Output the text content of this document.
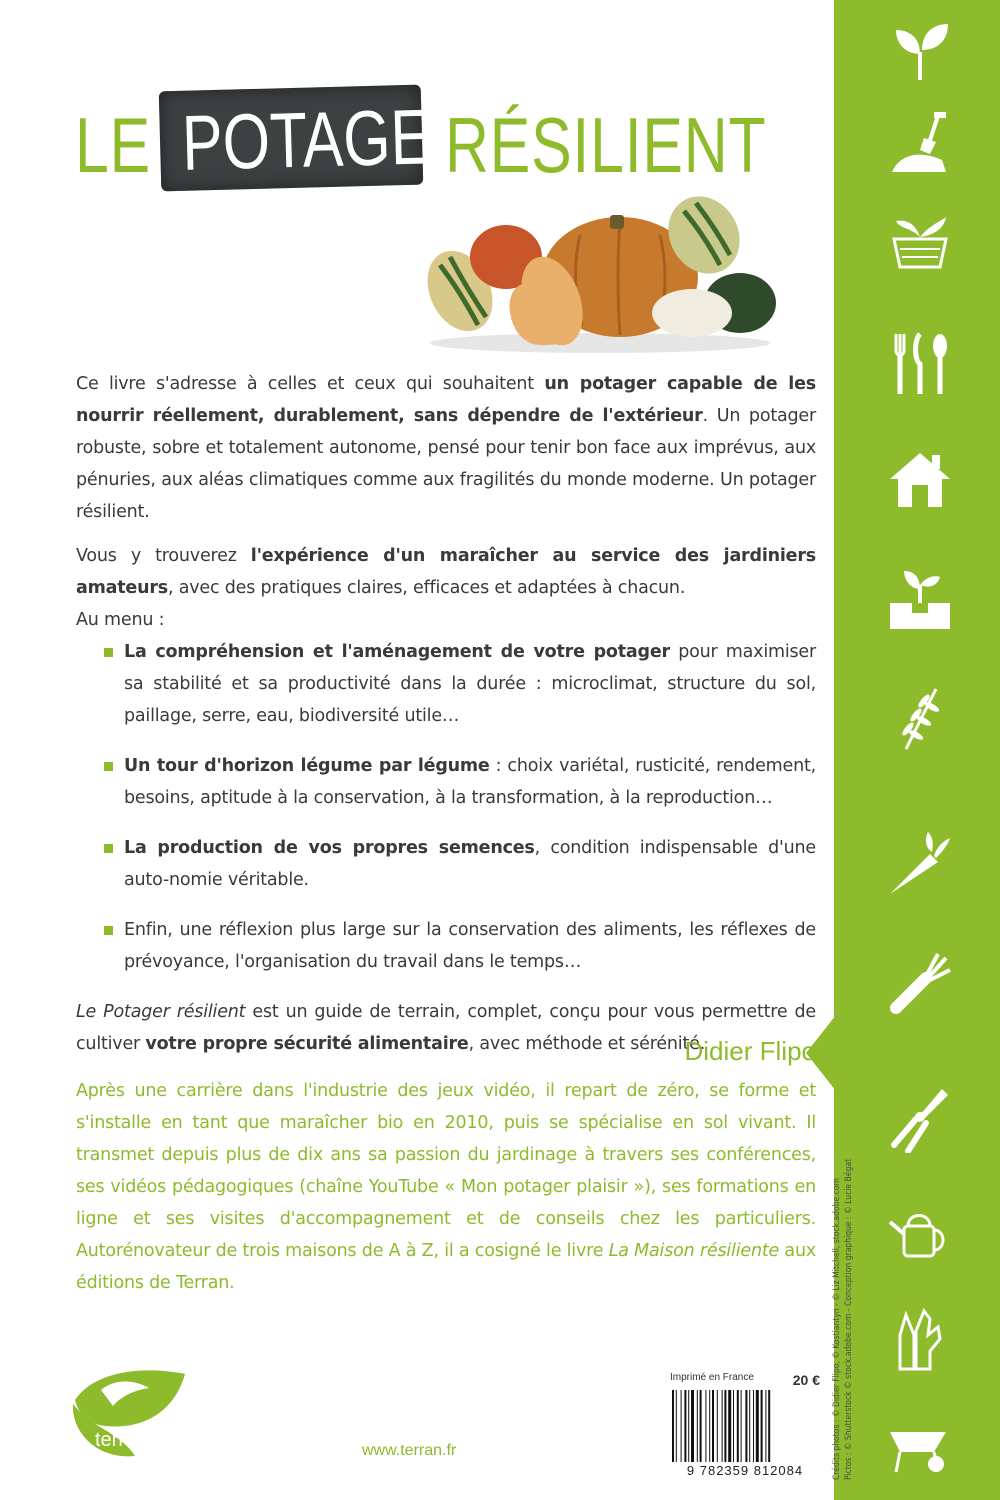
Crédits photos : © Didier Flipo, © Kostiantyn - © Liz Mitchell, stock.adobe.com Pictos : © Shutterstock © stock.adobe.com - Conception graphique : © Lucie Bégat
LE POTAGER
RÉSILIENT

Ce livre s'adresse à celles et ceux qui souhaitent un potager capable de les nourrir réellement, durablement, sans dépendre de l'extérieur. Un potager robuste, sobre et totalement autonome, pensé pour tenir bon face aux imprévus, aux pénuries, aux aléas climatiques comme aux fragilités du monde moderne. Un potager résilient.

Vous y trouverez l'expérience d'un maraîcher au service des jardiniers amateurs, avec des pratiques claires, efficaces et adaptées à chacun.

Au menu :

La compréhension et l'aménagement de votre potager pour maximiser sa stabilité et sa productivité dans la durée : microclimat, structure du sol, paillage, serre, eau, biodiversité utile…
Un tour d'horizon légume par légume : choix variétal, rusticité, rendement, besoins, aptitude à la conservation, à la transformation, à la reproduction…
La production de vos propres semences, condition indispensable d'une auto-nomie véritable.
Enfin, une réflexion plus large sur la conservation des aliments, les réflexes de prévoyance, l'organisation du travail dans le temps…

Le Potager résilient est un guide de terrain, complet, conçu pour vous permettre de cultiver votre propre sécurité alimentaire, avec méthode et sérénité.

Didier Flipo

Après une carrière dans l'industrie des jeux vidéo, il repart de zéro, se forme et s'installe en tant que maraîcher bio en 2010, puis se spécialise en sol vivant. Il transmet depuis plus de dix ans sa passion du jardinage à travers ses conférences, ses vidéos pédagogiques (chaîne YouTube « Mon potager plaisir »), ses formations en ligne et ses visites d'accompagnement et de conseils chez les particuliers. Autorénovateur de trois maisons de A à Z, il a cosigné le livre La Maison résiliente aux éditions de Terran.

terran	www.terran.fr
Imprimé en France	20 €
9 782359 812084
